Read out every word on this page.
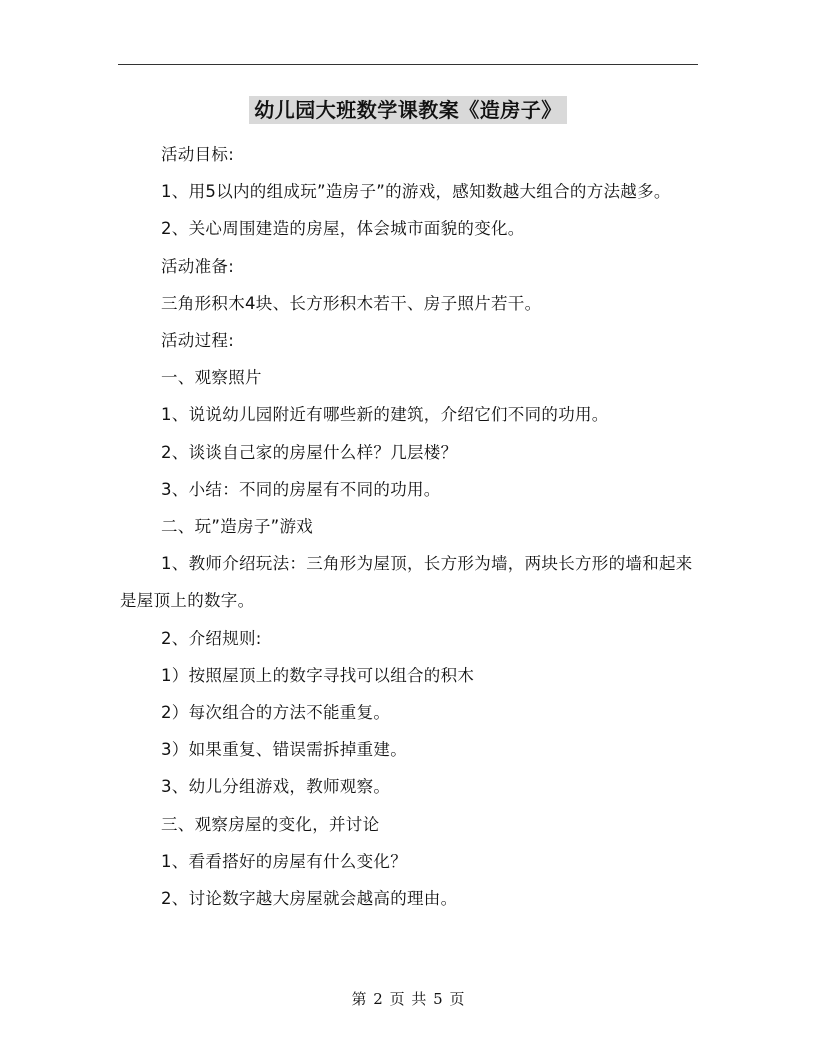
幼儿园大班数学课教案《造房子》

活动目标:

1、用5以内的组成玩”造房子”的游戏，感知数越大组合的方法越多。

2、关心周围建造的房屋，体会城市面貌的变化。

活动准备:

三角形积木4块、长方形积木若干、房子照片若干。

活动过程:

一、观察照片

1、说说幼儿园附近有哪些新的建筑，介绍它们不同的功用。

2、谈谈自己家的房屋什么样？几层楼？

3、小结：不同的房屋有不同的功用。

二、玩”造房子”游戏

1、教师介绍玩法：三角形为屋顶，长方形为墙，两块长方形的墙和起来是屋顶上的数字。

2、介绍规则:

1）按照屋顶上的数字寻找可以组合的积木

2）每次组合的方法不能重复。

3）如果重复、错误需拆掉重建。

3、幼儿分组游戏，教师观察。

三、观察房屋的变化，并讨论

1、看看搭好的房屋有什么变化？

2、讨论数字越大房屋就会越高的理由。

第 2 页 共 5 页
